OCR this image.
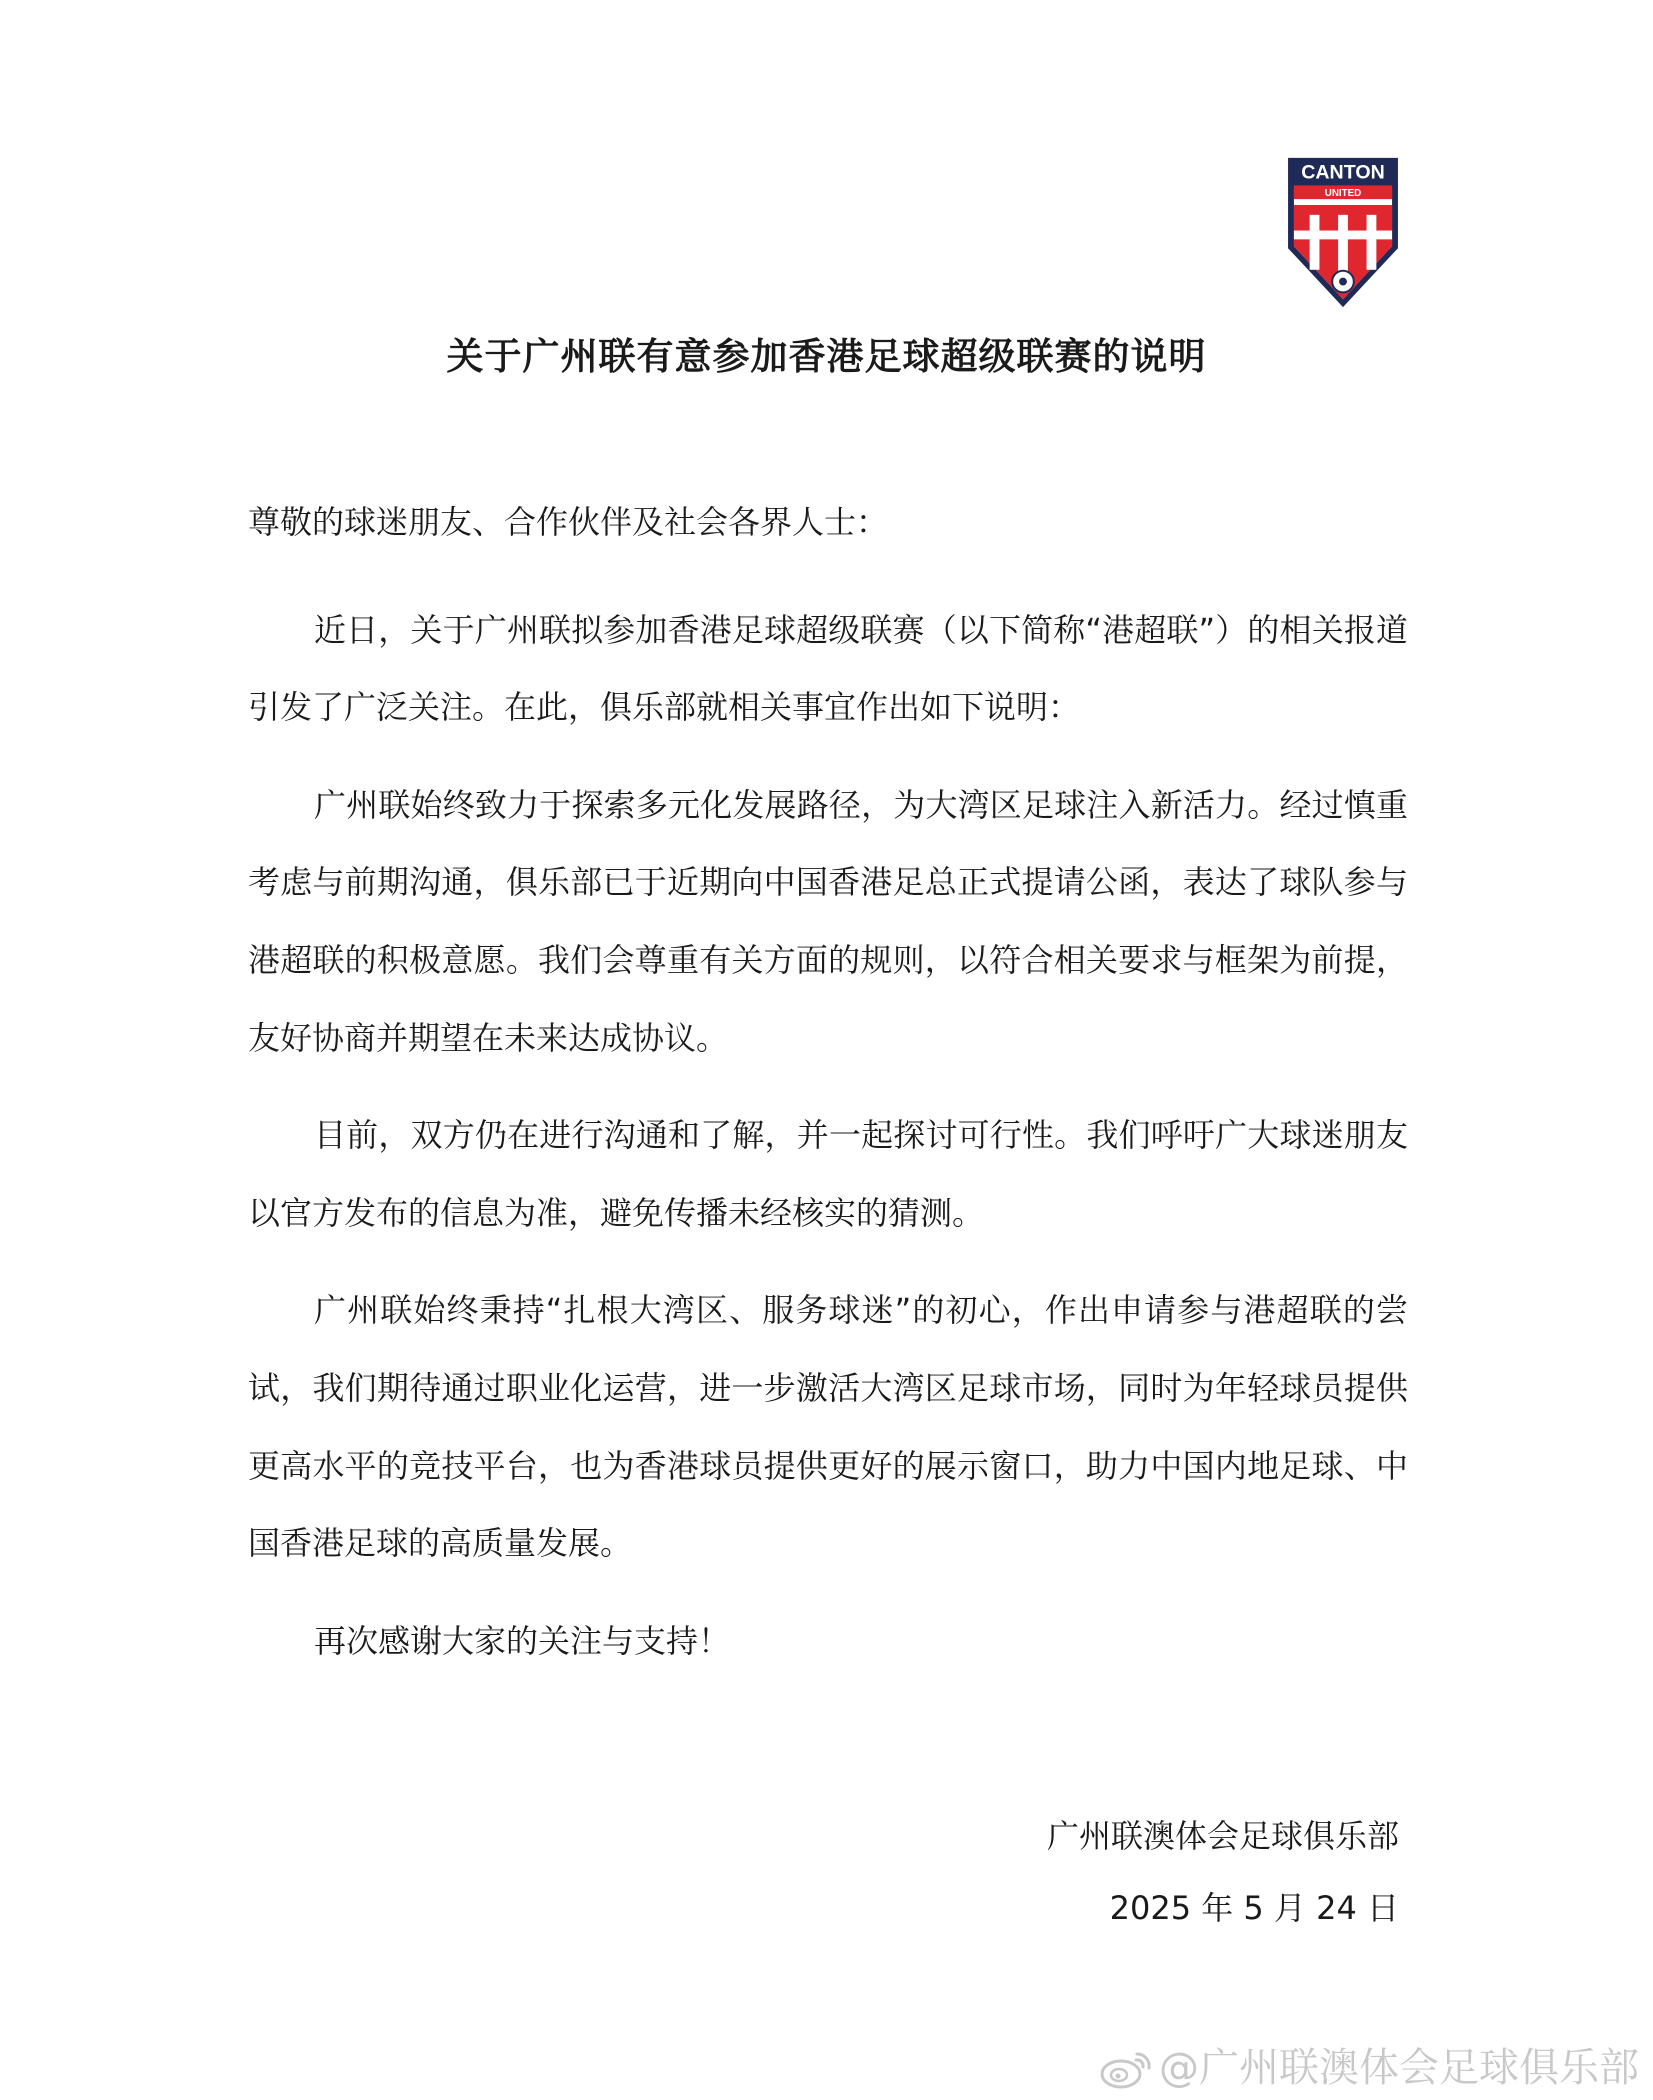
CANTON
UNITED
关于广州联有意参加香港足球超级联赛的说明

尊敬的球迷朋友、合作伙伴及社会各界人士：

近日，关于广州联拟参加香港足球超级联赛（以下简称“港超联”）的相关报道引发了广泛关注。在此，俱乐部就相关事宜作出如下说明：

广州联始终致力于探索多元化发展路径，为大湾区足球注入新活力。经过慎重考虑与前期沟通，俱乐部已于近期向中国香港足总正式提请公函，表达了球队参与港超联的积极意愿。我们会尊重有关方面的规则，以符合相关要求与框架为前提，友好协商并期望在未来达成协议。

目前，双方仍在进行沟通和了解，并一起探讨可行性。我们呼吁广大球迷朋友以官方发布的信息为准，避免传播未经核实的猜测。

广州联始终秉持“扎根大湾区、服务球迷”的初心，作出申请参与港超联的尝试，我们期待通过职业化运营，进一步激活大湾区足球市场，同时为年轻球员提供更高水平的竞技平台，也为香港球员提供更好的展示窗口，助力中国内地足球、中国香港足球的高质量发展。

再次感谢大家的关注与支持！

广州联澳体会足球俱乐部
2025 年 5 月 24 日
@广州联澳体会足球俱乐部
